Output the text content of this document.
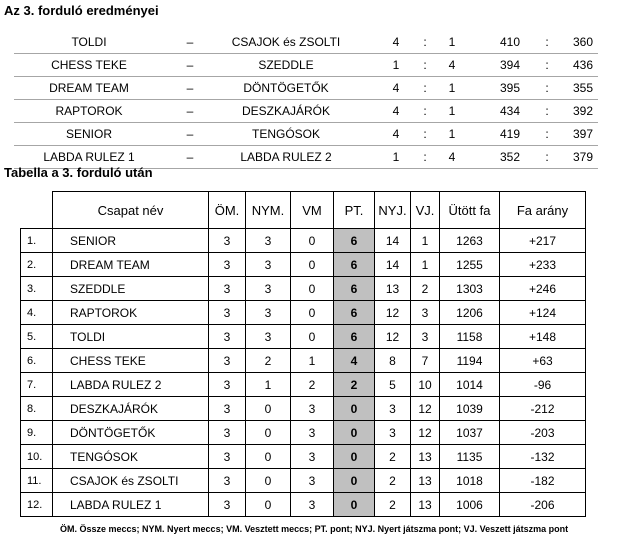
Az 3. forduló eredményei
TOLDI	–	CSAJOK és ZSOLTI	4	:	1	410	:	360
CHESS TEKE	–	SZEDDLE	1	:	4	394	:	436
DREAM TEAM	–	DÖNTÖGETŐK	4	:	1	395	:	355
RAPTOROK	–	DESZKAJÁRÓK	4	:	1	434	:	392
SENIOR	–	TENGÓSOK	4	:	1	419	:	397
LABDA RULEZ 1	–	LABDA RULEZ 2	1	:	4	352	:	379
Tabella a 3. forduló után
	Csapat név	ÖM.	NYM.	VM	PT.	NYJ.	VJ.	Ütött fa	Fa arány
1.	SENIOR	3	3	0	6	14	1	1263	+217
2.	DREAM TEAM	3	3	0	6	14	1	1255	+233
3.	SZEDDLE	3	3	0	6	13	2	1303	+246
4.	RAPTOROK	3	3	0	6	12	3	1206	+124
5.	TOLDI	3	3	0	6	12	3	1158	+148
6.	CHESS TEKE	3	2	1	4	8	7	1194	+63
7.	LABDA RULEZ 2	3	1	2	2	5	10	1014	-96
8.	DESZKAJÁRÓK	3	0	3	0	3	12	1039	-212
9.	DÖNTÖGETŐK	3	0	3	0	3	12	1037	-203
10.	TENGÓSOK	3	0	3	0	2	13	1135	-132
11.	CSAJOK és ZSOLTI	3	0	3	0	2	13	1018	-182
12.	LABDA RULEZ 1	3	0	3	0	2	13	1006	-206
ÖM. Össze meccs; NYM. Nyert meccs; VM. Vesztett meccs; PT. pont; NYJ. Nyert játszma pont; VJ. Veszett játszma pont
